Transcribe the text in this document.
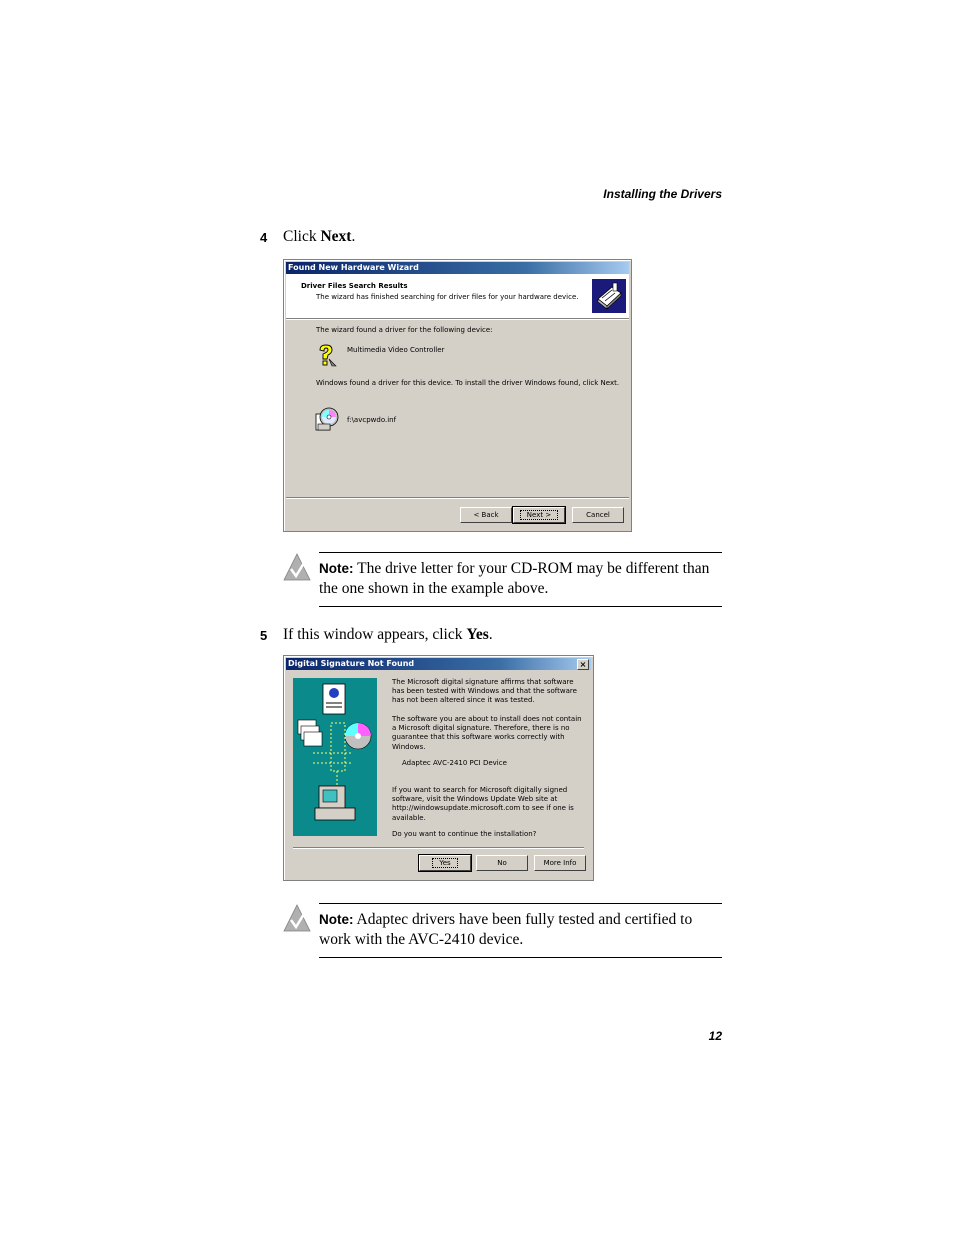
Installing the Drivers
4 Click Next.
Found New Hardware Wizard
Driver Files Search Results
The wizard has finished searching for driver files for your hardware device.
The wizard found a driver for the following device:
Multimedia Video Controller
Windows found a driver for this device. To install the driver Windows found, click Next.
f:\avcpwdo.inf
< Back	Next >	Cancel
Note: The drive letter for your CD-ROM may be different than the one shown in the example above.
5 If this window appears, click Yes.
Digital Signature Not Found	×
The Microsoft digital signature affirms that software has been tested with Windows and that the software has not been altered since it was tested.
The software you are about to install does not contain a Microsoft digital signature. Therefore, there is no guarantee that this software works correctly with Windows.
Adaptec AVC-2410 PCI Device
If you want to search for Microsoft digitally signed software, visit the Windows Update Web site at http://windowsupdate.microsoft.com to see if one is available.
Do you want to continue the installation?
Yes	No	More Info
Note: Adaptec drivers have been fully tested and certified to work with the AVC-2410 device.
12
